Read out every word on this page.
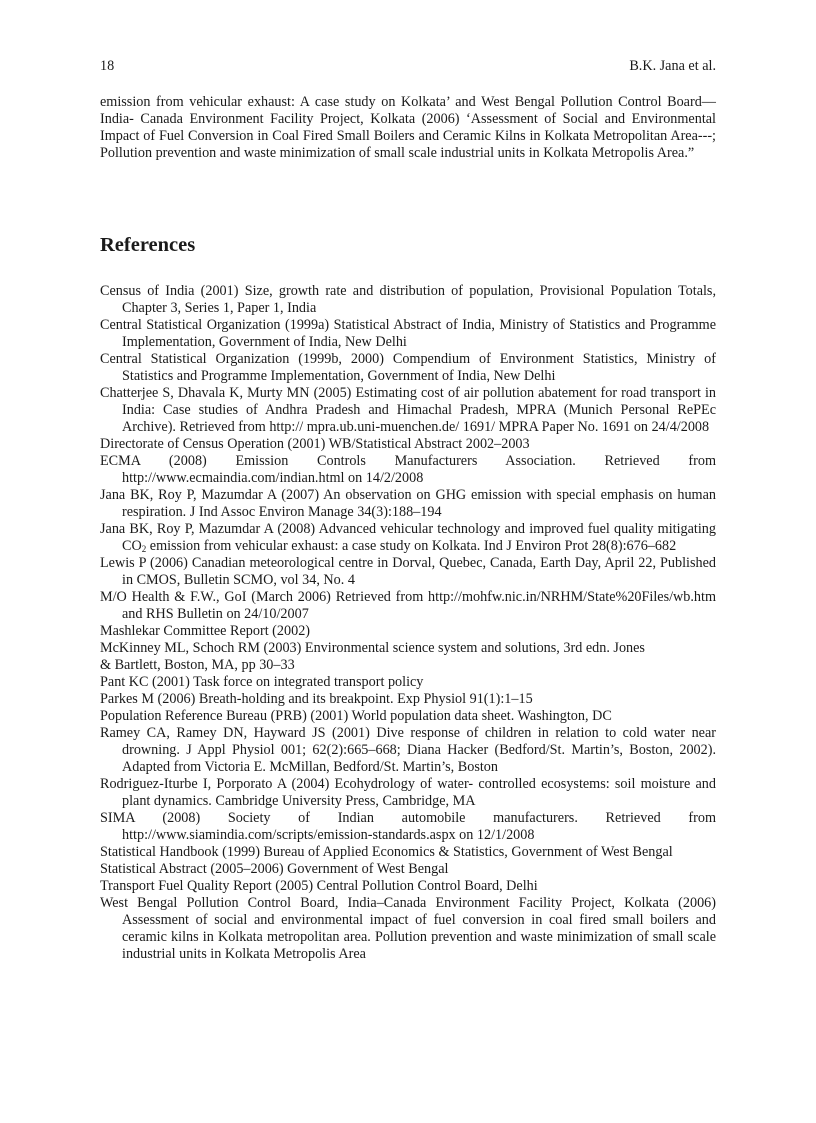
18	B.K. Jana et al.

emission from vehicular exhaust: A case study on Kolkata’ and West Bengal Pollution Control Board—India- Canada Environment Facility Project, Kolkata (2006) ‘Assessment of Social and Environmental Impact of Fuel Conversion in Coal Fired Small Boilers and Ceramic Kilns in Kolkata Metropolitan Area---; Pollution prevention and waste minimization of small scale industrial units in Kolkata Metropolis Area.”

References
Census of India (2001) Size, growth rate and distribution of population, Provisional Population Totals, Chapter 3, Series 1, Paper 1, India
Central Statistical Organization (1999a) Statistical Abstract of India, Ministry of Statistics and Programme Implementation, Government of India, New Delhi
Central Statistical Organization (1999b, 2000) Compendium of Environment Statistics, Ministry of Statistics and Programme Implementation, Government of India, New Delhi
Chatterjee S, Dhavala K, Murty MN (2005) Estimating cost of air pollution abatement for road transport in India: Case studies of Andhra Pradesh and Himachal Pradesh, MPRA (Munich Personal RePEc Archive). Retrieved from http:// mpra.ub.uni-muenchen.de/ 1691/ MPRA Paper No. 1691 on 24/4/2008
Directorate of Census Operation (2001) WB/Statistical Abstract 2002–2003
ECMA (2008) Emission Controls Manufacturers Association. Retrieved from http://www.ecmaindia.com/indian.html on 14/2/2008
Jana BK, Roy P, Mazumdar A (2007) An observation on GHG emission with special emphasis on human respiration. J Ind Assoc Environ Manage 34(3):188–194
Jana BK, Roy P, Mazumdar A (2008) Advanced vehicular technology and improved fuel quality mitigating $CO_2$ emission from vehicular exhaust: a case study on Kolkata. Ind J Environ Prot 28(8):676–682
Lewis P (2006) Canadian meteorological centre in Dorval, Quebec, Canada, Earth Day, April 22, Published in CMOS, Bulletin SCMO, vol 34, No. 4
M/O Health & F.W., GoI (March 2006) Retrieved from http://mohfw.nic.in/NRHM/State%20Files/wb.htm and RHS Bulletin on 24/10/2007
Mashlekar Committee Report (2002)
McKinney ML, Schoch RM (2003) Environmental science system and solutions, 3rd edn. Jones
& Bartlett, Boston, MA, pp 30–33
Pant KC (2001) Task force on integrated transport policy
Parkes M (2006) Breath-holding and its breakpoint. Exp Physiol 91(1):1–15
Population Reference Bureau (PRB) (2001) World population data sheet. Washington, DC
Ramey CA, Ramey DN, Hayward JS (2001) Dive response of children in relation to cold water near drowning. J Appl Physiol 001; 62(2):665–668; Diana Hacker (Bedford/St. Martin’s, Boston, 2002). Adapted from Victoria E. McMillan, Bedford/St. Martin’s, Boston
Rodriguez-Iturbe I, Porporato A (2004) Ecohydrology of water- controlled ecosystems: soil moisture and plant dynamics. Cambridge University Press, Cambridge, MA
SIMA (2008) Society of Indian automobile manufacturers. Retrieved from http://www.siamindia.com/scripts/emission-standards.aspx on 12/1/2008
Statistical Handbook (1999) Bureau of Applied Economics & Statistics, Government of West Bengal
Statistical Abstract (2005–2006) Government of West Bengal
Transport Fuel Quality Report (2005) Central Pollution Control Board, Delhi
West Bengal Pollution Control Board, India–Canada Environment Facility Project, Kolkata (2006) Assessment of social and environmental impact of fuel conversion in coal fired small boilers and ceramic kilns in Kolkata metropolitan area. Pollution prevention and waste minimization of small scale industrial units in Kolkata Metropolis Area
